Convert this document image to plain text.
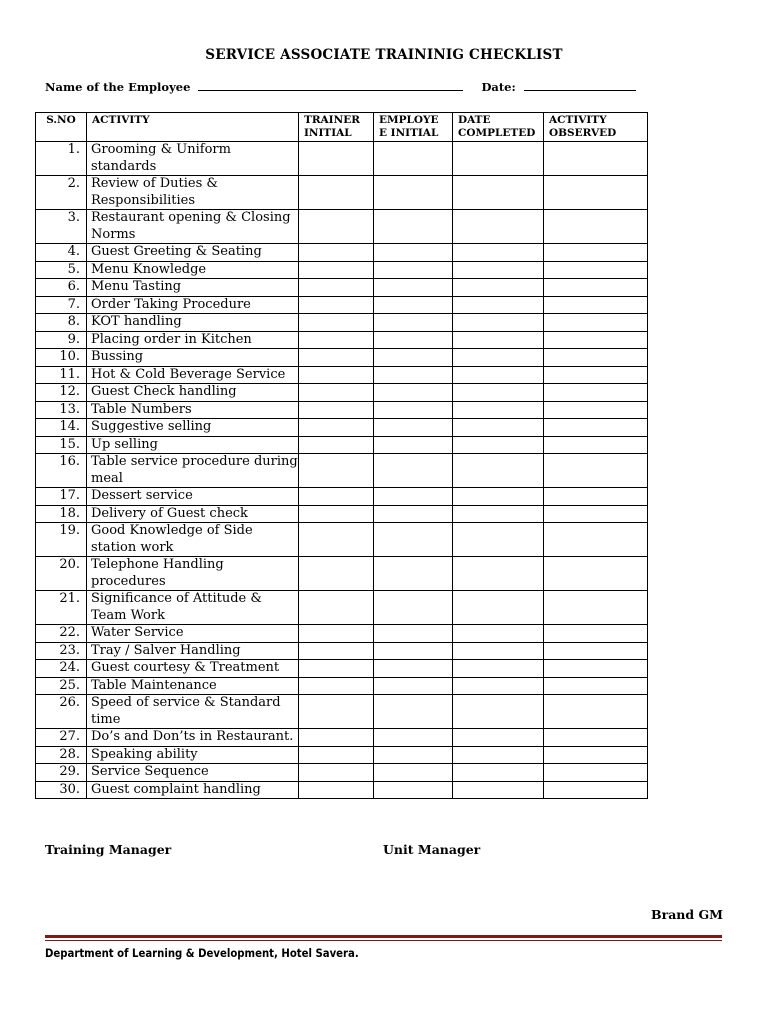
SERVICE ASSOCIATE TRAININIG CHECKLIST
Name of the Employee	Date:
S.NO	ACTIVITY	TRAINER INITIAL	EMPLOYE E INITIAL	DATE COMPLETED	ACTIVITY OBSERVED
1.	Grooming & Uniform standards				
2.	Review of Duties & Responsibilities				
3.	Restaurant opening & Closing Norms				
4.	Guest Greeting & Seating				
5.	Menu Knowledge				
6.	Menu Tasting				
7.	Order Taking Procedure				
8.	KOT handling				
9.	Placing order in Kitchen				
10.	Bussing				
11.	Hot & Cold Beverage Service				
12.	Guest Check handling				
13.	Table Numbers				
14.	Suggestive selling				
15.	Up selling				
16.	Table service procedure during meal				
17.	Dessert service				
18.	Delivery of Guest check				
19.	Good Knowledge of Side station work				
20.	Telephone Handling procedures				
21.	Significance of Attitude & Team Work				
22.	Water Service				
23.	Tray / Salver Handling				
24.	Guest courtesy & Treatment				
25.	Table Maintenance				
26.	Speed of service & Standard time				
27.	Do’s and Don’ts in Restaurant.				
28.	Speaking ability				
29.	Service Sequence				
30.	Guest complaint handling				
Training Manager	Unit Manager
Brand GM
Department of Learning & Development, Hotel Savera.
